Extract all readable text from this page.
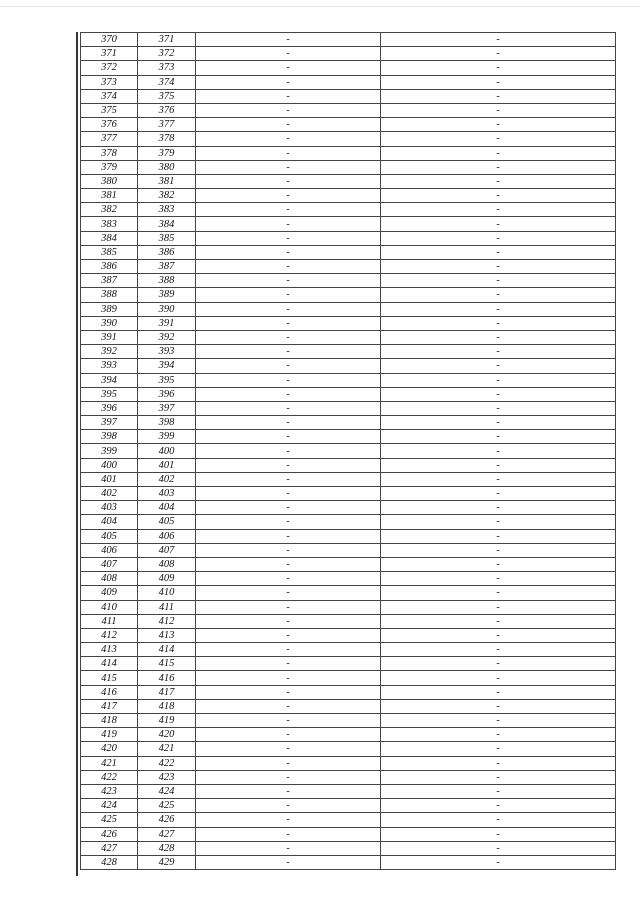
370	371	-	-
371	372	-	-
372	373	-	-
373	374	-	-
374	375	-	-
375	376	-	-
376	377	-	-
377	378	-	-
378	379	-	-
379	380	-	-
380	381	-	-
381	382	-	-
382	383	-	-
383	384	-	-
384	385	-	-
385	386	-	-
386	387	-	-
387	388	-	-
388	389	-	-
389	390	-	-
390	391	-	-
391	392	-	-
392	393	-	-
393	394	-	-
394	395	-	-
395	396	-	-
396	397	-	-
397	398	-	-
398	399	-	-
399	400	-	-
400	401	-	-
401	402	-	-
402	403	-	-
403	404	-	-
404	405	-	-
405	406	-	-
406	407	-	-
407	408	-	-
408	409	-	-
409	410	-	-
410	411	-	-
411	412	-	-
412	413	-	-
413	414	-	-
414	415	-	-
415	416	-	-
416	417	-	-
417	418	-	-
418	419	-	-
419	420	-	-
420	421	-	-
421	422	-	-
422	423	-	-
423	424	-	-
424	425	-	-
425	426	-	-
426	427	-	-
427	428	-	-
428	429	-	-
